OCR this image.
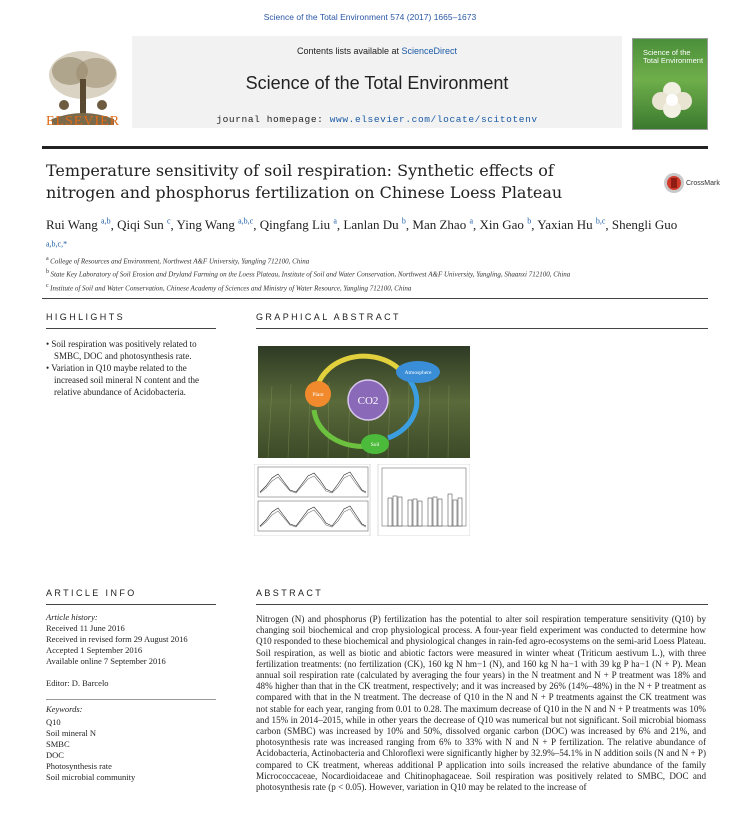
Science of the Total Environment 574 (2017) 1665–1673
ELSEVIER
Contents lists available at ScienceDirect
Science of the Total Environment
journal homepage: www.elsevier.com/locate/scitotenv
Science of the Total Environment
Temperature sensitivity of soil respiration: Synthetic effects of nitrogen and phosphorus fertilization on Chinese Loess Plateau	CrossMark
Rui Wang $^{a,b}$, Qiqi Sun $^c$, Ying Wang $^{a,b,c}$, Qingfang Liu $^a$, Lanlan Du $^b$, Man Zhao $^a$, Xin Gao $^b$, Yaxian Hu $^{b,c}$, Shengli Guo $^{a,b,c,*}$
$^a$ College of Resources and Environment, Northwest A&F University, Yangling 712100, China
$^b$ State Key Laboratory of Soil Erosion and Dryland Farming on the Loess Plateau, Institute of Soil and Water Conservation, Northwest A&F University, Yangling, Shaanxi 712100, China
$^c$ Institute of Soil and Water Conservation, Chinese Academy of Sciences and Ministry of Water Resource, Yangling 712100, China
HIGHLIGHTS
• Soil respiration was positively related to SMBC, DOC and photosynthesis rate.
• Variation in Q10 maybe related to the increased soil mineral N content and the relative abundance of Acidobacteria.
GRAPHICAL ABSTRACT
CO2
Plant
Atmosphere
Soil
ARTICLE INFO
Article history:
Received 11 June 2016
Received in revised form 29 August 2016
Accepted 1 September 2016
Available online 7 September 2016
Editor: D. Barcelo
Keywords:
Q10
Soil mineral N
SMBC
DOC
Photosynthesis rate
Soil microbial community
ABSTRACT
Nitrogen (N) and phosphorus (P) fertilization has the potential to alter soil respiration temperature sensitivity (Q10) by changing soil biochemical and crop physiological process. A four-year field experiment was conducted to determine how Q10 responded to these biochemical and physiological changes in rain-fed agro-ecosystems on the semi-arid Loess Plateau. Soil respiration, as well as biotic and abiotic factors were measured in winter wheat (Triticum aestivum L.), with three fertilization treatments: (no fertilization (CK), 160 kg N hm−1 (N), and 160 kg N ha−1 with 39 kg P ha−1 (N + P). Mean annual soil respiration rate (calculated by averaging the four years) in the N treatment and N + P treatment was 18% and 48% higher than that in the CK treatment, respectively; and it was increased by 26% (14%–48%) in the N + P treatment as compared with that in the N treatment. The decrease of Q10 in the N and N + P treatments against the CK treatment was not stable for each year, ranging from 0.01 to 0.28. The maximum decrease of Q10 in the N and N + P treatments was 10% and 15% in 2014–2015, while in other years the decrease of Q10 was numerical but not significant. Soil microbial biomass carbon (SMBC) was increased by 10% and 50%, dissolved organic carbon (DOC) was increased by 6% and 21%, and photosynthesis rate was increased ranging from 6% to 33% with N and N + P fertilization. The relative abundance of Acidobacteria, Actinobacteria and Chloroflexi were significantly higher by 32.9%–54.1% in N addition soils (N and N + P) compared to CK treatment, whereas additional P application into soils increased the relative abundance of the family Micrococcaceae, Nocardioidaceae and Chitinophagaceae. Soil respiration was positively related to SMBC, DOC and photosynthesis rate (p < 0.05). However, variation in Q10 may be related to the increase of
